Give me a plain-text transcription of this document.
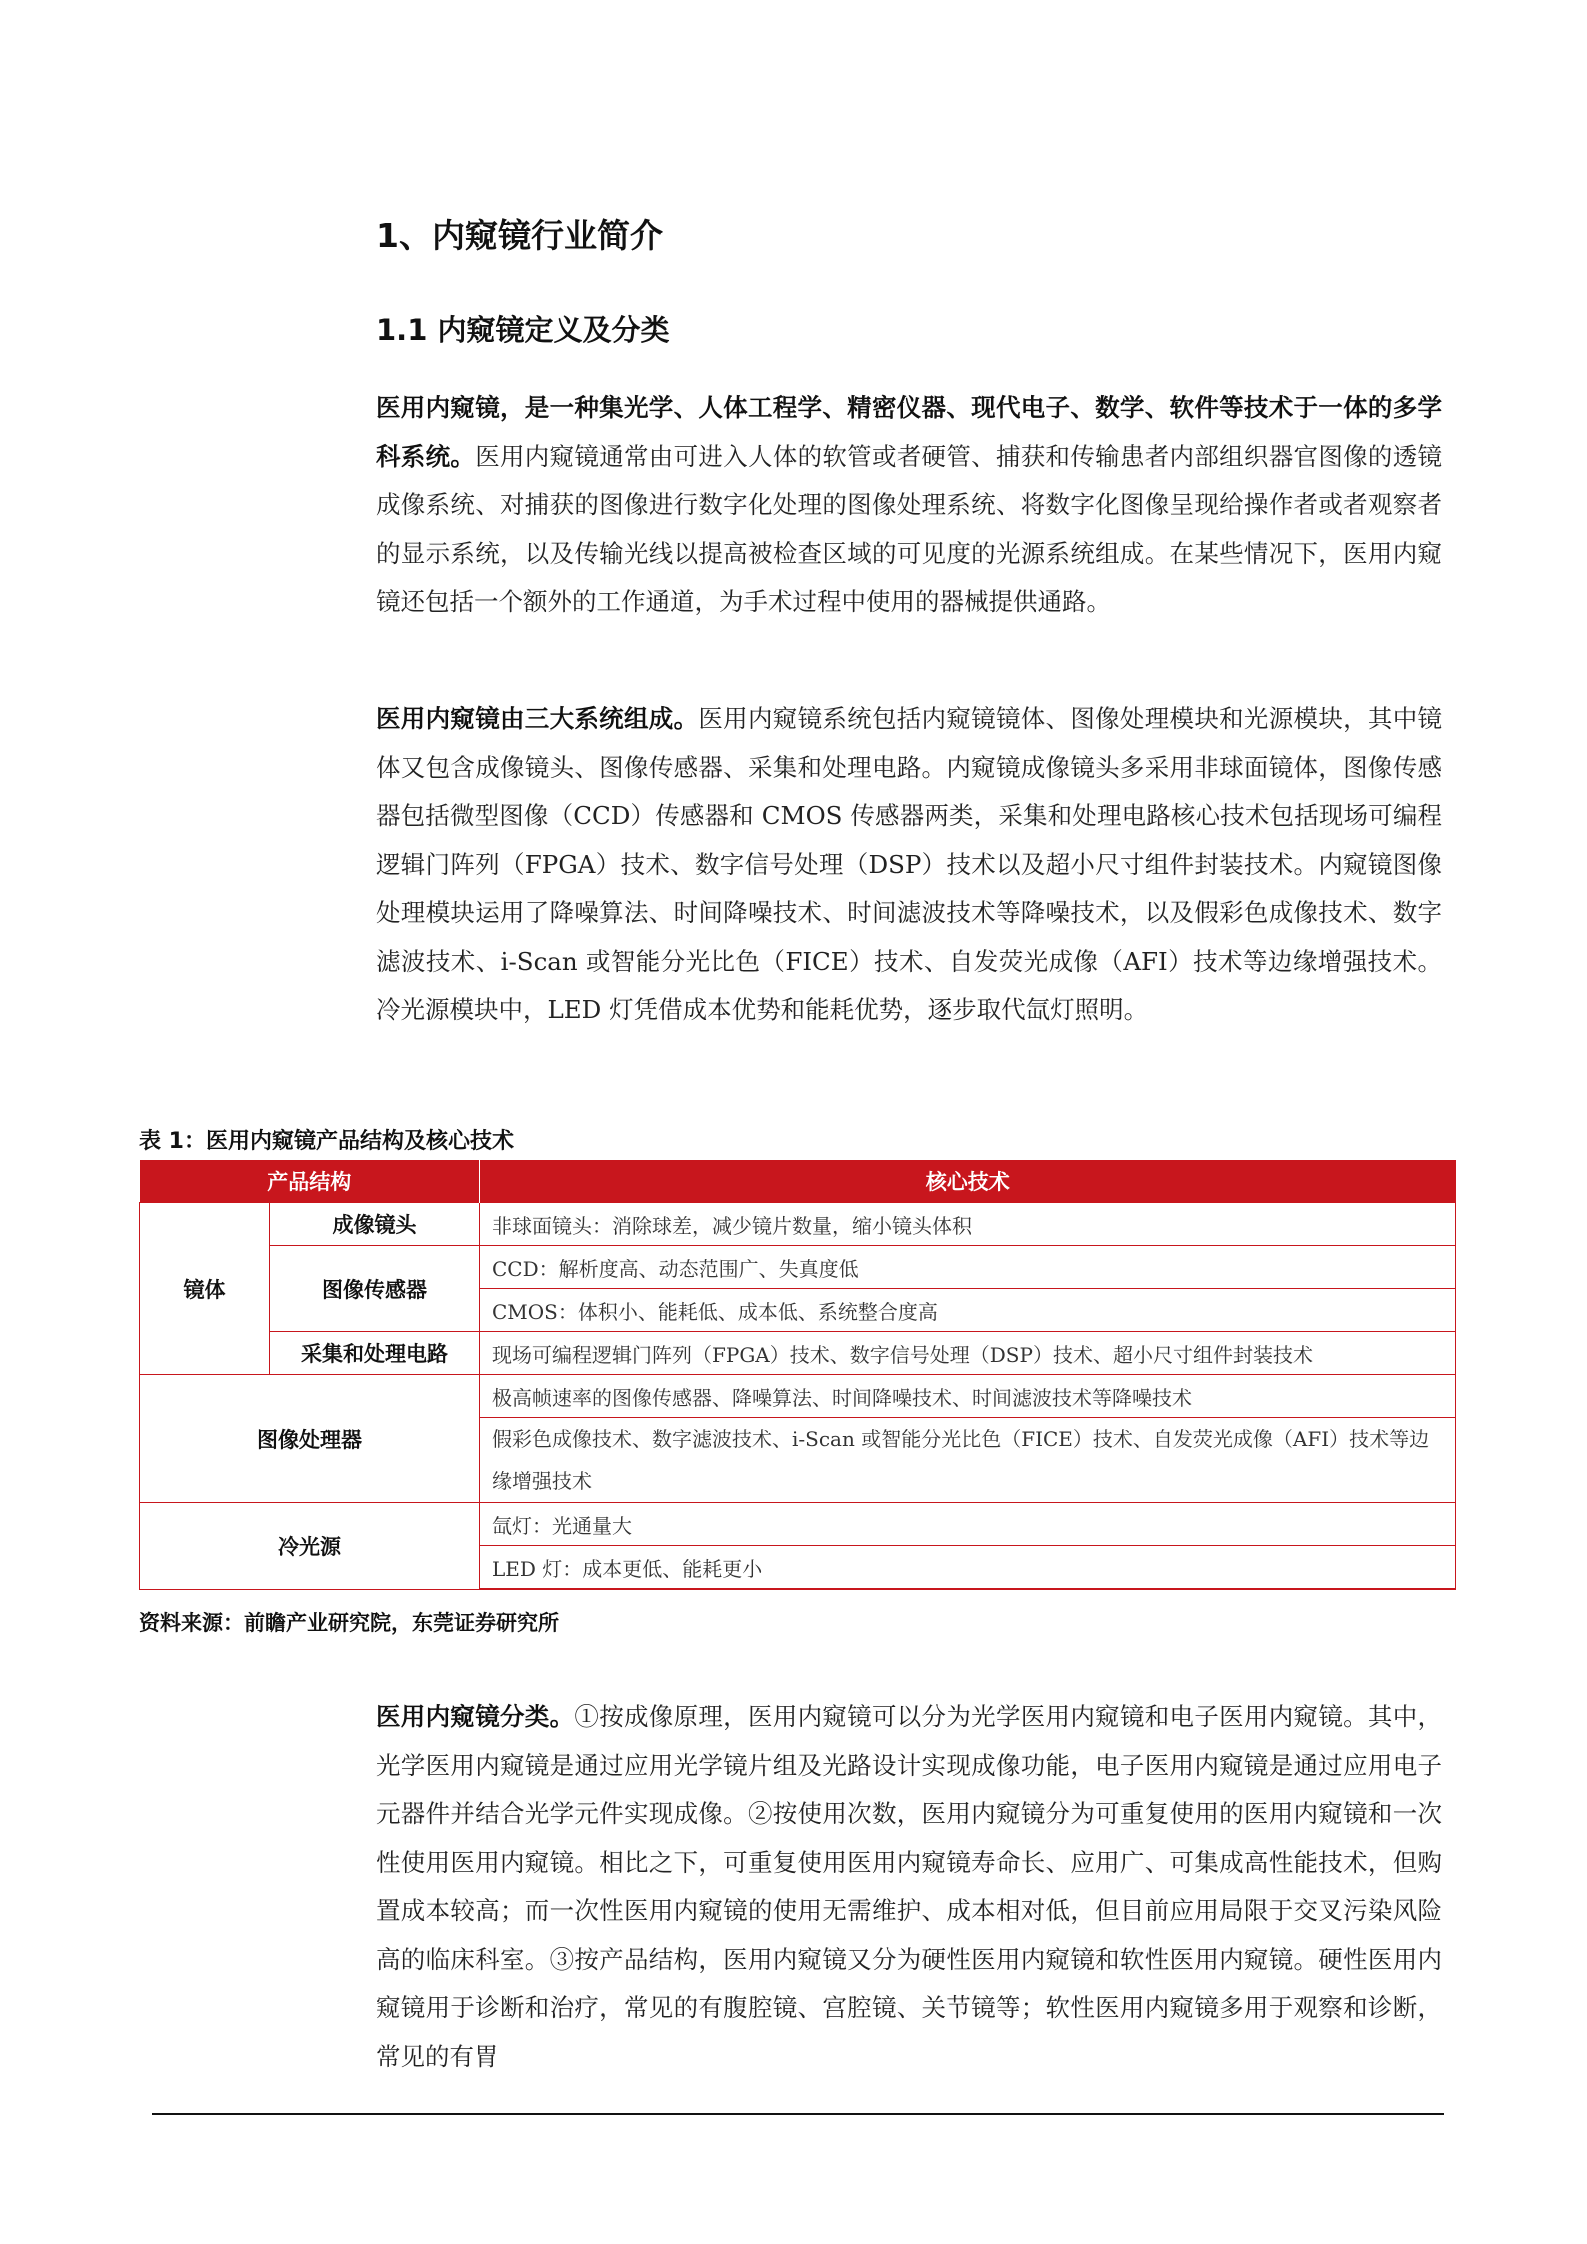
1、内窥镜行业简介
1.1 内窥镜定义及分类
医用内窥镜，是一种集光学、人体工程学、精密仪器、现代电子、数学、软件等技术于一体的多学科系统。医用内窥镜通常由可进入人体的软管或者硬管、捕获和传输患者内部组织器官图像的透镜成像系统、对捕获的图像进行数字化处理的图像处理系统、将数字化图像呈现给操作者或者观察者的显示系统，以及传输光线以提高被检查区域的可见度的光源系统组成。在某些情况下，医用内窥镜还包括一个额外的工作通道，为手术过程中使用的器械提供通路。
医用内窥镜由三大系统组成。医用内窥镜系统包括内窥镜镜体、图像处理模块和光源模块，其中镜体又包含成像镜头、图像传感器、采集和处理电路。内窥镜成像镜头多采用非球面镜体，图像传感器包括微型图像（CCD）传感器和 CMOS 传感器两类，采集和处理电路核心技术包括现场可编程逻辑门阵列（FPGA）技术、数字信号处理（DSP）技术以及超小尺寸组件封装技术。内窥镜图像处理模块运用了降噪算法、时间降噪技术、时间滤波技术等降噪技术，以及假彩色成像技术、数字滤波技术、i-Scan 或智能分光比色（FICE）技术、自发荧光成像（AFI）技术等边缘增强技术。冷光源模块中，LED 灯凭借成本优势和能耗优势，逐步取代氙灯照明。
表 1：医用内窥镜产品结构及核心技术
产品结构		核心技术
镜体	成像镜头	非球面镜头：消除球差，减少镜片数量，缩小镜头体积
	图像传感器	CCD：解析度高、动态范围广、失真度低
		CMOS：体积小、能耗低、成本低、系统整合度高
	采集和处理电路	现场可编程逻辑门阵列（FPGA）技术、数字信号处理（DSP）技术、超小尺寸组件封装技术
图像处理器		极高帧速率的图像传感器、降噪算法、时间降噪技术、时间滤波技术等降噪技术
		假彩色成像技术、数字滤波技术、i-Scan 或智能分光比色（FICE）技术、自发荧光成像（AFI）技术等边缘增强技术
冷光源		氙灯：光通量大
		LED 灯：成本更低、能耗更小
资料来源：前瞻产业研究院，东莞证券研究所
医用内窥镜分类。①按成像原理，医用内窥镜可以分为光学医用内窥镜和电子医用内窥镜。其中，光学医用内窥镜是通过应用光学镜片组及光路设计实现成像功能，电子医用内窥镜是通过应用电子元器件并结合光学元件实现成像。②按使用次数，医用内窥镜分为可重复使用的医用内窥镜和一次性使用医用内窥镜。相比之下，可重复使用医用内窥镜寿命长、应用广、可集成高性能技术，但购置成本较高；而一次性医用内窥镜的使用无需维护、成本相对低，但目前应用局限于交叉污染风险高的临床科室。③按产品结构，医用内窥镜又分为硬性医用内窥镜和软性医用内窥镜。硬性医用内窥镜用于诊断和治疗，常见的有腹腔镜、宫腔镜、关节镜等；软性医用内窥镜多用于观察和诊断，常见的有胃
